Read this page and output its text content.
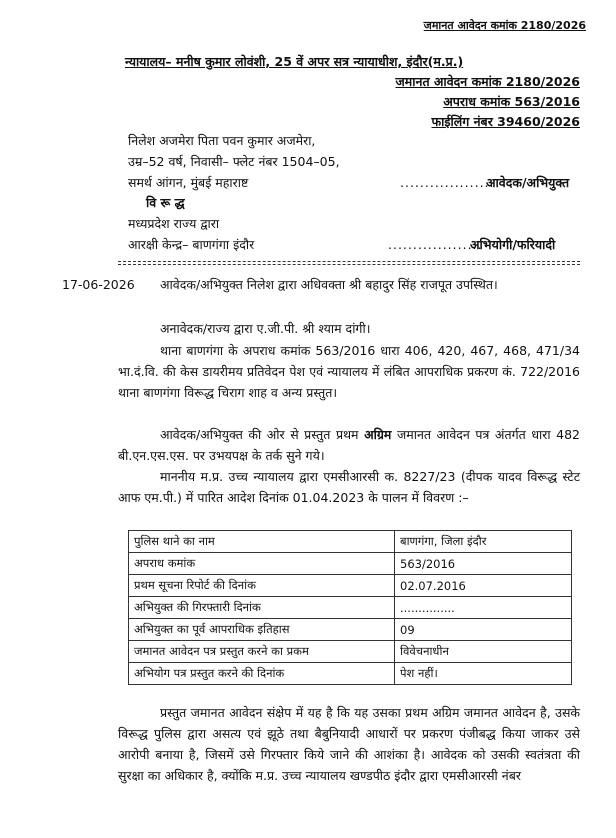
जमानत आवेदन कमांक 2180/2026
न्यायालय– मनीष कुमार लोवंशी, 25 वें अपर सत्र न्यायाधीश, इंदौर(म.प्र.)
जमानत आवेदन कमांक 2180/2026
अपराध कमांक 563/2016
फाईलिंग नंबर 39460/2026
निलेश अजमेरा पिता पवन कुमार अजमेरा,
उम्र–52 वर्ष, निवासी– फ्लेट नंबर 1504–05,
समर्थ आंगन, मुंबई महाराष्ट	...................
आवेदक/अभियुक्त
वि रू द्ध
मध्यप्रदेश राज्य द्वारा
आरक्षी केन्द्र– बाणगंगा इंदौर	...................
अभियोगी/फरियादी
17-06-2026	आवेदक/अभियुक्त निलेश द्वारा अधिवक्ता श्री बहादुर सिंह राजपूत उपस्थित।
अनावेदक/राज्य द्वारा ए.जी.पी. श्री श्याम दांगी।
थाना बाणगंगा के अपराध कमांक 563/2016 धारा 406, 420, 467, 468, 471/34 भा.दं.वि. की केस डायरीमय प्रतिवेदन पेश एवं न्यायालय में लंबित आपराधिक प्रकरण कं. 722/2016 थाना बाणगंगा विरूद्ध चिराग शाह व अन्य प्रस्तुत।
आवेदक/अभियुक्त की ओर से प्रस्तुत प्रथम अग्रिम जमानत आवेदन पत्र अंतर्गत धारा 482 बी.एन.एस.एस. पर उभयपक्ष के तर्क सुने गये।
माननीय म.प्र. उच्च न्यायालय द्वारा एमसीआरसी क. 8227/23 (दीपक यादव विरूद्ध स्टेट आफ एम.पी.) में पारित आदेश दिनांक 01.04.2023 के पालन में विवरण :–
पुलिस थाने का नाम	बाणगंगा, जिला इंदौर
अपराध कमांक	563/2016
प्रथम सूचना रिपोर्ट की दिनांक	02.07.2016
अभियुक्त की गिरफ्तारी दिनांक	...............
अभियुक्त का पूर्व आपराधिक इतिहास	09
जमानत आवेदन पत्र प्रस्तुत करने का प्रकम	विवेचनाधीन
अभियोग पत्र प्रस्तुत करने की दिनांक	पेश नहीं।
प्रस्तुत जमानत आवेदन संक्षेप में यह है कि यह उसका प्रथम अग्रिम जमानत आवेदन है, उसके विरूद्ध पुलिस द्वारा असत्य एवं झूठे तथा बैबुनियादी आधारों पर प्रकरण पंजीबद्ध किया जाकर उसे आरोपी बनाया है, जिसमें उसे गिरफ्तार किये जाने की आशंका है। आवेदक को उसकी स्वतंत्रता की सुरक्षा का अधिकार है, क्योंकि म.प्र. उच्च न्यायालय खण्डपीठ इंदौर द्वारा एमसीआरसी नंबर
